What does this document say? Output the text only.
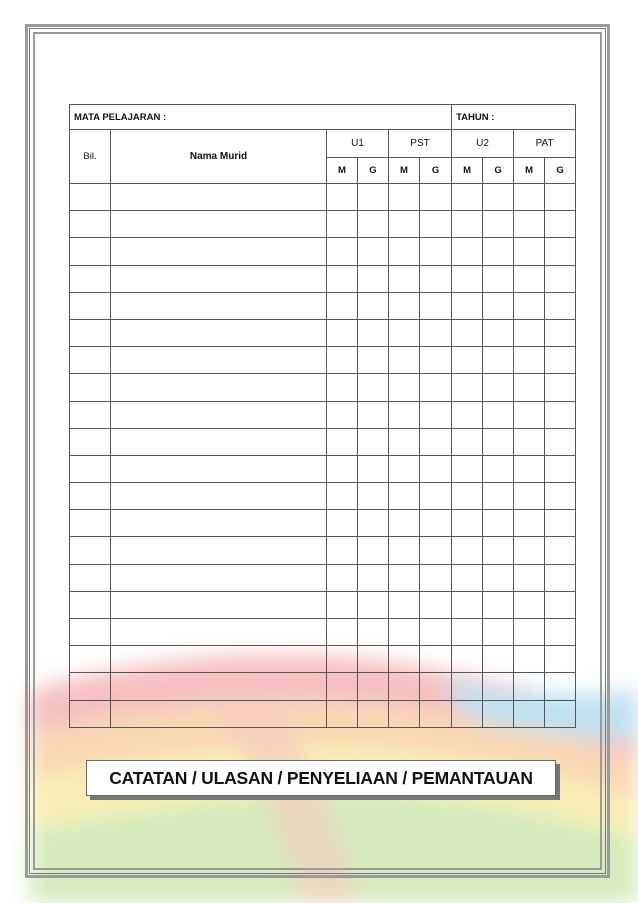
MATA PELAJARAN :						TAHUN :			
Bil.	Nama Murid	U1		PST		U2		PAT	
		M	G	M	G	M	G	M	G

CATATAN / ULASAN / PENYELIAAN / PEMANTAUAN
